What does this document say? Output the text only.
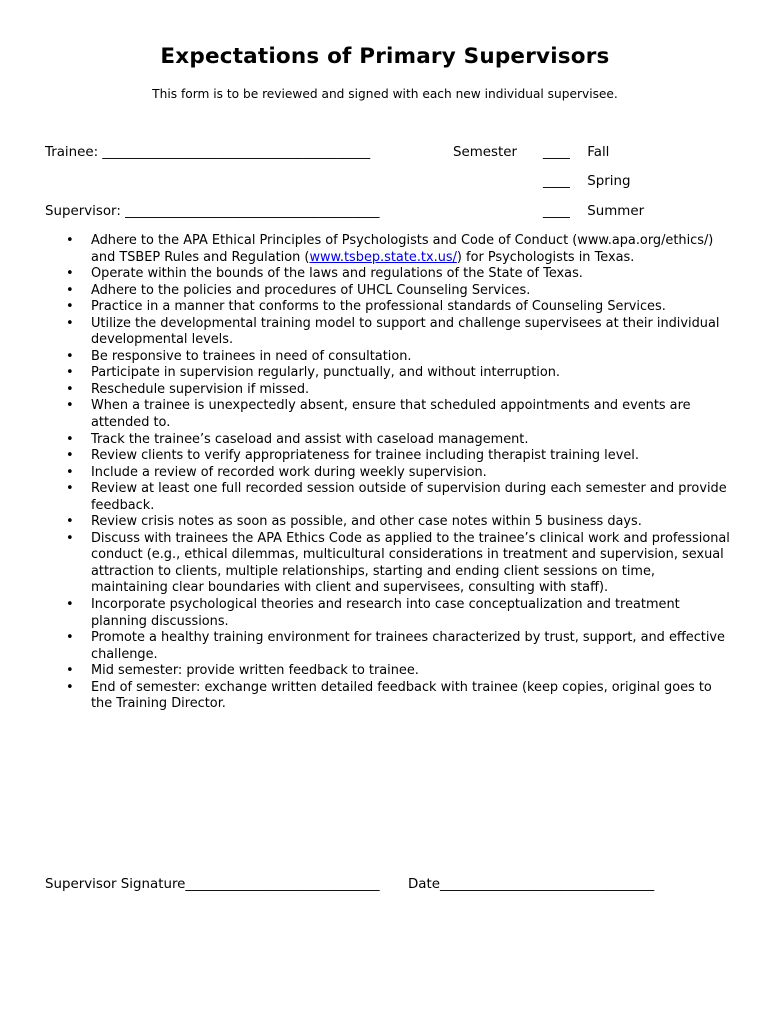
Expectations of Primary Supervisors
This form is to be reviewed and signed with each new individual supervisee.
Trainee: ________________________________________	Semester ____ Fall
____ Spring
Supervisor: ______________________________________	____ Summer
• Adhere to the APA Ethical Principles of Psychologists and Code of Conduct (www.apa.org/ethics/) and TSBEP Rules and Regulation (www.tsbep.state.tx.us/) for Psychologists in Texas.
• Operate within the bounds of the laws and regulations of the State of Texas.
• Adhere to the policies and procedures of UHCL Counseling Services.
• Practice in a manner that conforms to the professional standards of Counseling Services.
• Utilize the developmental training model to support and challenge supervisees at their individual developmental levels.
• Be responsive to trainees in need of consultation.
• Participate in supervision regularly, punctually, and without interruption.
• Reschedule supervision if missed.
• When a trainee is unexpectedly absent, ensure that scheduled appointments and events are attended to.
• Track the trainee’s caseload and assist with caseload management.
• Review clients to verify appropriateness for trainee including therapist training level.
• Include a review of recorded work during weekly supervision.
• Review at least one full recorded session outside of supervision during each semester and provide feedback.
• Review crisis notes as soon as possible, and other case notes within 5 business days.
• Discuss with trainees the APA Ethics Code as applied to the trainee’s clinical work and professional conduct (e.g., ethical dilemmas, multicultural considerations in treatment and supervision, sexual attraction to clients, multiple relationships, starting and ending client sessions on time, maintaining clear boundaries with client and supervisees, consulting with staff).
• Incorporate psychological theories and research into case conceptualization and treatment planning discussions.
• Promote a healthy training environment for trainees characterized by trust, support, and effective challenge.
• Mid semester: provide written feedback to trainee.
• End of semester: exchange written detailed feedback with trainee (keep copies, original goes to the Training Director.
Supervisor Signature_____________________________ Date________________________________
